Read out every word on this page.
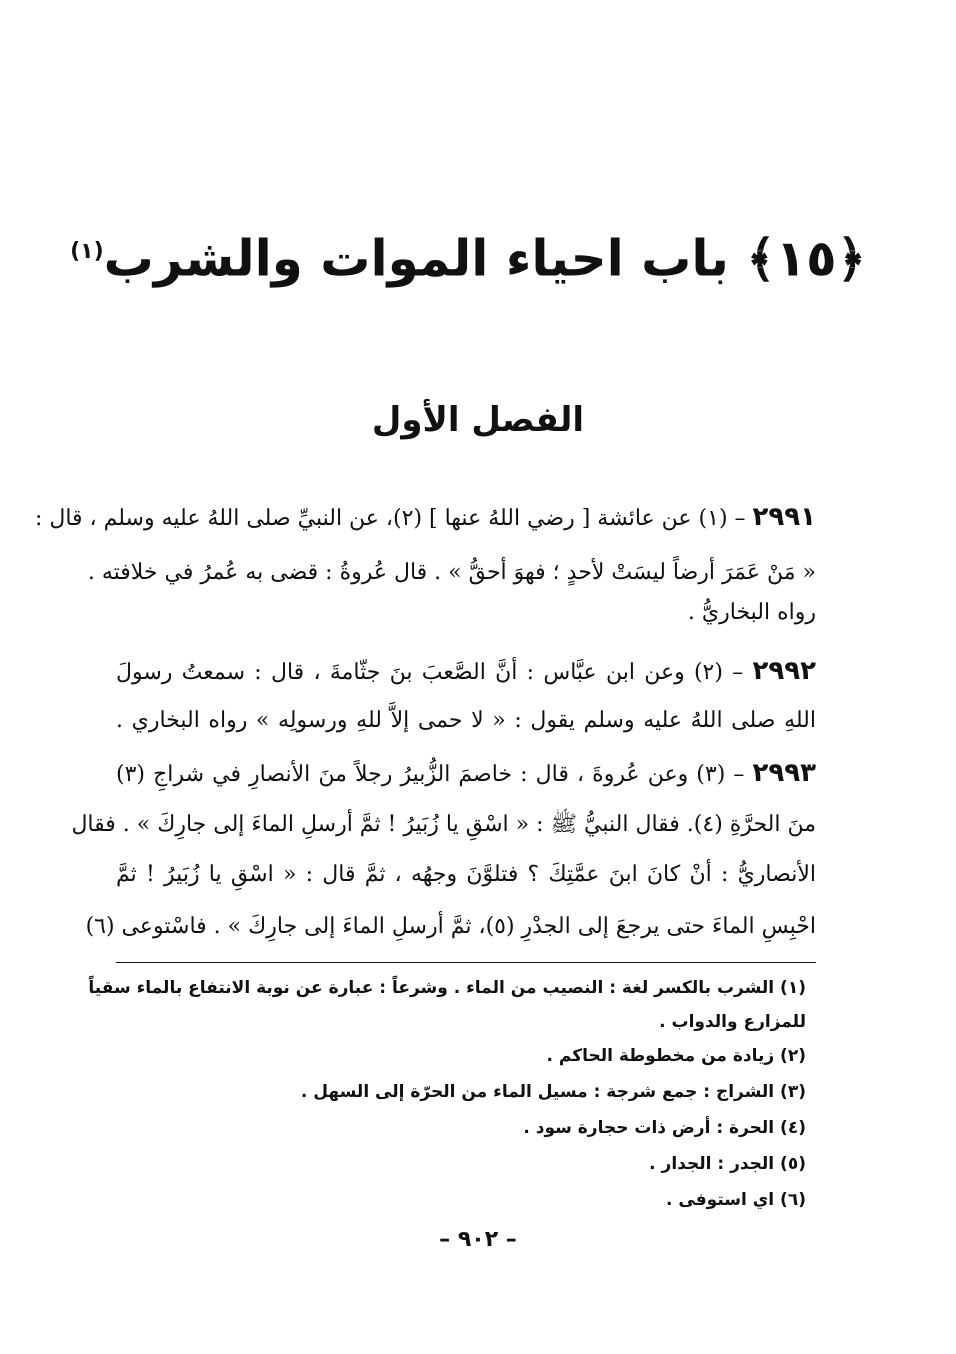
﴿١٥﴾ باب احياء الموات والشرب$^{(١)}$
الفصل الأول
٢٩٩١ – (١) عن عائشة [ رضي اللهُ عنها ] (٢)، عن النبيِّ صلى اللهُ عليه وسلم ، قال :
« مَنْ عَمَرَ أرضاً ليسَتْ لأحدٍ ؛ فهوَ أحقُّ » . قال عُروةُ : قضى به عُمرُ في خلافته .
رواه البخاريُّ .
٢٩٩٢ – (٢) وعن ابن عبَّاس : أنَّ الصَّعبَ بنَ جثّامةَ ، قال : سمعتُ رسولَ
اللهِ صلى اللهُ عليه وسلم يقول : « لا حمى إلاَّ للهِ ورسولِه » رواه البخاري .
٢٩٩٣ – (٣) وعن عُروةَ ، قال : خاصمَ الزُّبيرُ رجلاً منَ الأنصارِ في شراجِ (٣)
منَ الحرَّةِ (٤). فقال النبيُّ ﷺ : « اسْقِ يا زُبَيرُ ! ثمَّ أرسلِ الماءَ إلى جارِكَ » . فقال
الأنصاريُّ : أنْ كانَ ابنَ عمَّتِكَ ؟ فتلوَّنَ وجهُه ، ثمَّ قال : « اسْقِ يا زُبَيرُ ! ثمَّ
احْبِسِ الماءَ حتى يرجعَ إلى الجدْرِ (٥)، ثمَّ أرسلِ الماءَ إلى جارِكَ » . فاسْتوعى (٦)
(١) الشرب بالكسر لغة : النصيب من الماء . وشرعاً : عبارة عن نوبة الانتفاع بالماء سقياً
للمزارع والدواب .
(٢) زيادة من مخطوطة الحاكم .
(٣) الشراج : جمع شرجة : مسيل الماء من الحرّة إلى السهل .
(٤) الحرة : أرض ذات حجارة سود .
(٥) الجدر : الجدار .
(٦) اي استوفى .
– ٩٠٢ –
